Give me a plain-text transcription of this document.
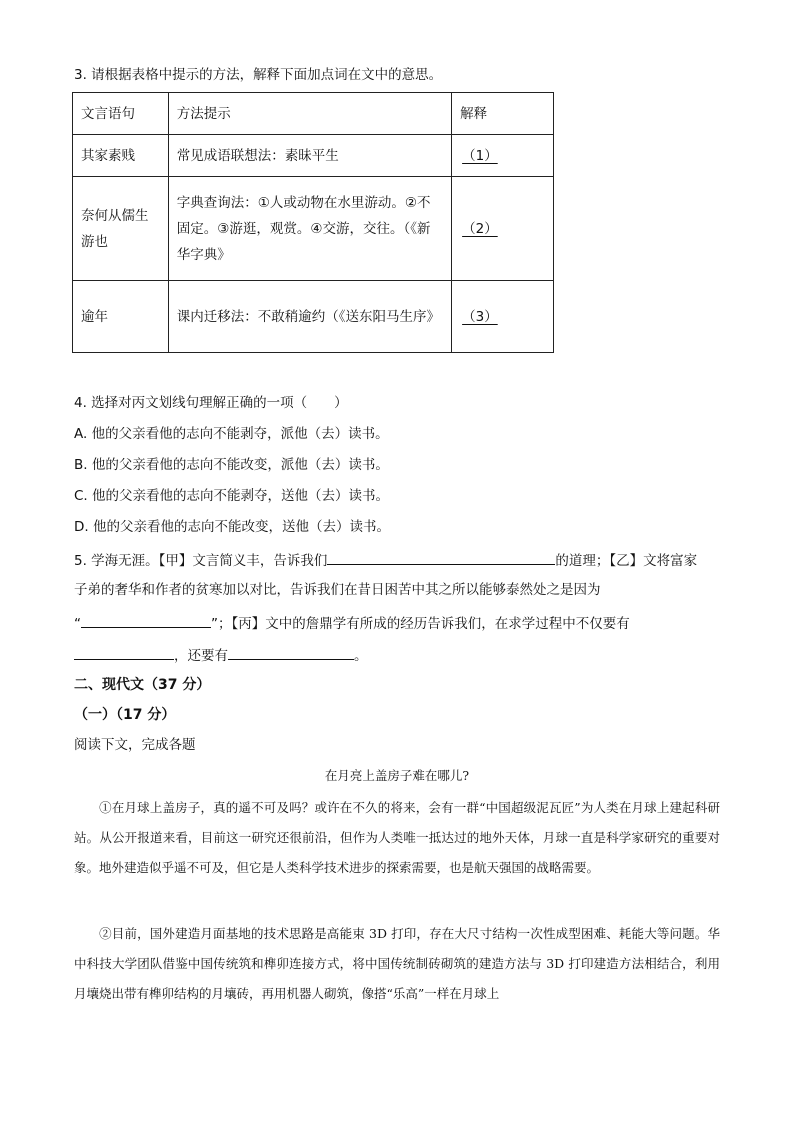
3. 请根据表格中提示的方法，解释下面加点词在文中的意思。
文言语句	方法提示	解释
其家素贱	常见成语联想法：素昧平生	（1）
奈何从儒生游也	字典查询法：①人或动物在水里游动。②不固定。③游逛，观赏。④交游，交往。（《新华字典》	（2）
逾年	课内迁移法：不敢稍逾约（《送东阳马生序》	（3）
4. 选择对丙文划线句理解正确的一项（　　）
A. 他的父亲看他的志向不能剥夺，派他（去）读书。
B. 他的父亲看他的志向不能改变，派他（去）读书。
C. 他的父亲看他的志向不能剥夺，送他（去）读书。
D. 他的父亲看他的志向不能改变，送他（去）读书。
5. 学海无涯。【甲】文言简义丰，告诉我们	的道理；【乙】文将富家
子弟的奢华和作者的贫寒加以对比，告诉我们在昔日困苦中其之所以能够泰然处之是因为
“	”；【丙】文中的詹鼎学有所成的经历告诉我们，在求学过程中不仅要有
，还要有	。
二、现代文（37 分）
（一）（17 分）
阅读下文，完成各题
在月亮上盖房子难在哪儿?
①在月球上盖房子，真的遥不可及吗？或许在不久的将来，会有一群“中国超级泥瓦匠”为人类在月球上建起科研站。从公开报道来看，目前这一研究还很前沿，但作为人类唯一抵达过的地外天体，月球一直是科学家研究的重要对象。地外建造似乎遥不可及，但它是人类科学技术进步的探索需要，也是航天强国的战略需要。
②目前，国外建造月面基地的技术思路是高能束 3D 打印，存在大尺寸结构一次性成型困难、耗能大等问题。华中科技大学团队借鉴中国传统筑和榫卯连接方式，将中国传统制砖砌筑的建造方法与 3D 打印建造方法相结合，利用月壤烧出带有榫卯结构的月壤砖，再用机器人砌筑，像搭“乐高”一样在月球上
